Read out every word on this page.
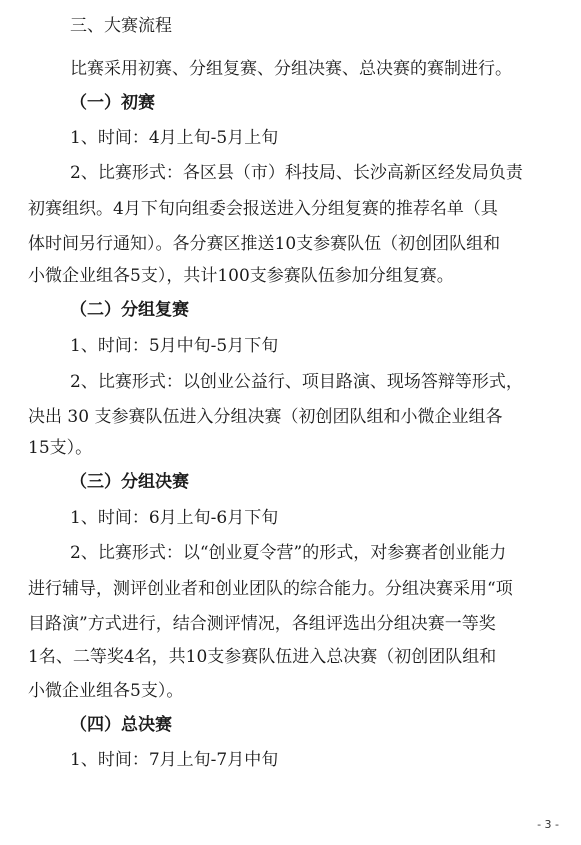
三、大赛流程
比赛采用初赛、分组复赛、分组决赛、总决赛的赛制进行。
（一）初赛
1、时间：4月上旬-5月上旬
2、比赛形式：各区县（市）科技局、长沙高新区经发局负责
初赛组织。4月下旬向组委会报送进入分组复赛的推荐名单（具
体时间另行通知）。各分赛区推送10支参赛队伍（初创团队组和
小微企业组各5支），共计100支参赛队伍参加分组复赛。
（二）分组复赛
1、时间：5月中旬-5月下旬
2、比赛形式：以创业公益行、项目路演、现场答辩等形式，
决出 30 支参赛队伍进入分组决赛（初创团队组和小微企业组各
15支）。
（三）分组决赛
1、时间：6月上旬-6月下旬
2、比赛形式：以“创业夏令营”的形式，对参赛者创业能力
进行辅导，测评创业者和创业团队的综合能力。分组决赛采用“项
目路演”方式进行，结合测评情况，各组评选出分组决赛一等奖
1名、二等奖4名，共10支参赛队伍进入总决赛（初创团队组和
小微企业组各5支）。
（四）总决赛
1、时间：7月上旬-7月中旬
- 3 -
